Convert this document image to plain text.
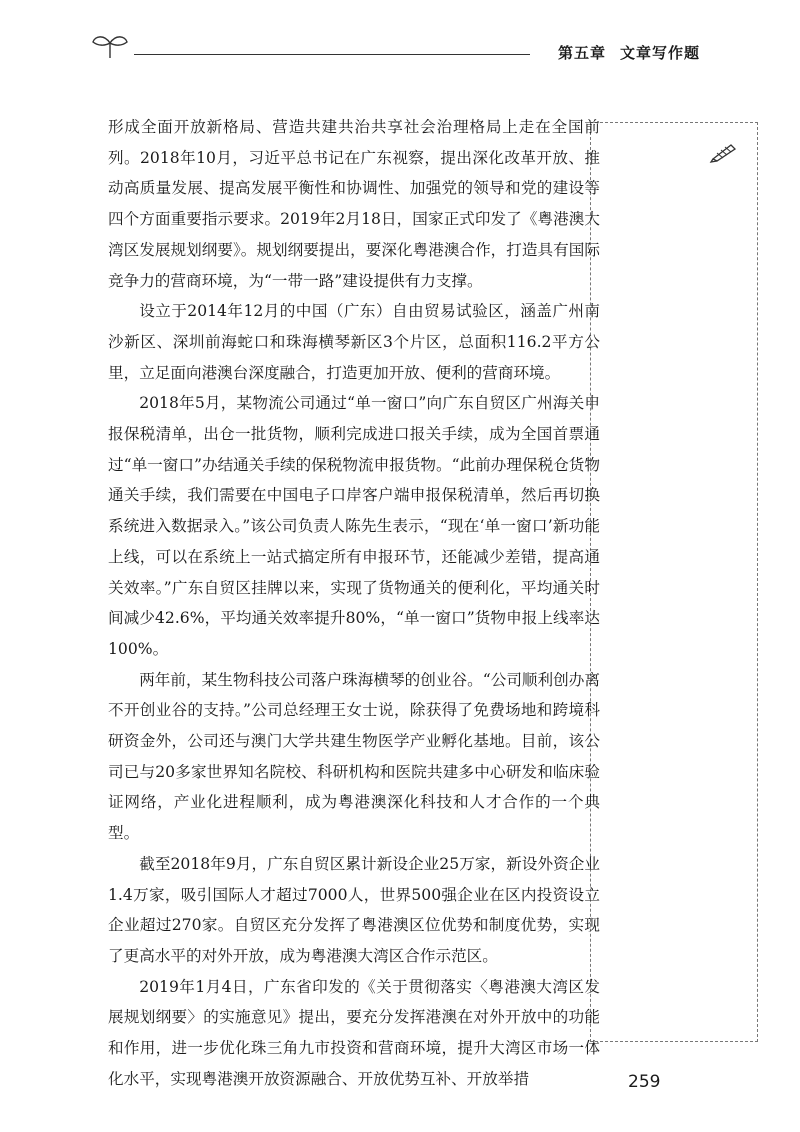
第五章 文章写作题

形成全面开放新格局、营造共建共治共享社会治理格局上走在全国前列。2018年10月，习近平总书记在广东视察，提出深化改革开放、推动高质量发展、提高发展平衡性和协调性、加强党的领导和党的建设等四个方面重要指示要求。2019年2月18日，国家正式印发了《粤港澳大湾区发展规划纲要》。规划纲要提出，要深化粤港澳合作，打造具有国际竞争力的营商环境，为“一带一路”建设提供有力支撑。

设立于2014年12月的中国（广东）自由贸易试验区，涵盖广州南沙新区、深圳前海蛇口和珠海横琴新区3个片区，总面积116.2平方公里，立足面向港澳台深度融合，打造更加开放、便利的营商环境。

2018年5月，某物流公司通过“单一窗口”向广东自贸区广州海关申报保税清单，出仓一批货物，顺利完成进口报关手续，成为全国首票通过“单一窗口”办结通关手续的保税物流申报货物。“此前办理保税仓货物通关手续，我们需要在中国电子口岸客户端申报保税清单，然后再切换系统进入数据录入。”该公司负责人陈先生表示，“现在‘单一窗口’新功能上线，可以在系统上一站式搞定所有申报环节，还能减少差错，提高通关效率。”广东自贸区挂牌以来，实现了货物通关的便利化，平均通关时间减少42.6%，平均通关效率提升80%，“单一窗口”货物申报上线率达100%。

两年前，某生物科技公司落户珠海横琴的创业谷。“公司顺利创办离不开创业谷的支持。”公司总经理王女士说，除获得了免费场地和跨境科研资金外，公司还与澳门大学共建生物医学产业孵化基地。目前，该公司已与20多家世界知名院校、科研机构和医院共建多中心研发和临床验证网络，产业化进程顺利，成为粤港澳深化科技和人才合作的一个典型。

截至2018年9月，广东自贸区累计新设企业25万家，新设外资企业1.4万家，吸引国际人才超过7000人，世界500强企业在区内投资设立企业超过270家。自贸区充分发挥了粤港澳区位优势和制度优势，实现了更高水平的对外开放，成为粤港澳大湾区合作示范区。

2019年1月4日，广东省印发的《关于贯彻落实〈粤港澳大湾区发展规划纲要〉的实施意见》提出，要充分发挥港澳在对外开放中的功能和作用，进一步优化珠三角九市投资和营商环境，提升大湾区市场一体化水平，实现粤港澳开放资源融合、开放优势互补、开放举措	259
